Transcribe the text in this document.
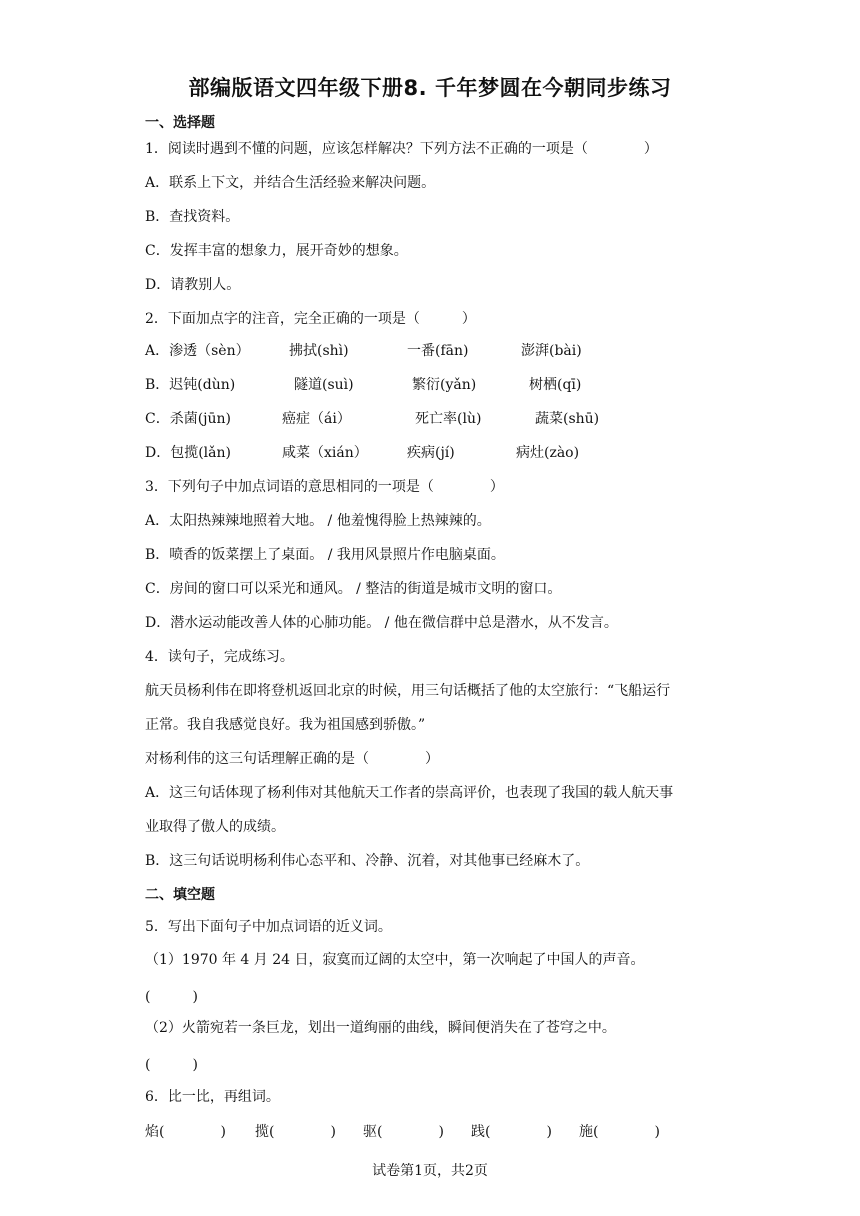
部编版语文四年级下册8. 千年梦圆在今朝同步练习
一、选择题
1．阅读时遇到不懂的问题，应该怎样解决？下列方法不正确的一项是（　　　　）
A．联系上下文，并结合生活经验来解决问题。
B．查找资料。
C．发挥丰富的想象力，展开奇妙的想象。
D．请教别人。
2．下面加点字的注音，完全正确的一项是（　　　）
A．渗透（sèn）	拂拭(shì)	一番(fān)	澎湃(bài)
B．迟钝(dùn)	隧道(suì)	繁衍(yǎn)	树栖(qī)
C．杀菌(jūn)	癌症（ái）	死亡率(lù)	蔬菜(shū)
D．包揽(lǎn)	咸菜（xián）	疾病(jí)	病灶(zào)
3．下列句子中加点词语的意思相同的一项是（　　　　）
A．太阳热辣辣地照着大地。 / 他羞愧得脸上热辣辣的。
B．喷香的饭菜摆上了桌面。 / 我用风景照片作电脑桌面。
C．房间的窗口可以采光和通风。 / 整洁的街道是城市文明的窗口。
D．潜水运动能改善人体的心肺功能。 / 他在微信群中总是潜水，从不发言。
4．读句子，完成练习。
航天员杨利伟在即将登机返回北京的时候，用三句话概括了他的太空旅行：“飞船运行
正常。我自我感觉良好。我为祖国感到骄傲。”
对杨利伟的这三句话理解正确的是（　　　　）
A．这三句话体现了杨利伟对其他航天工作者的崇高评价，也表现了我国的载人航天事
业取得了傲人的成绩。
B．这三句话说明杨利伟心态平和、冷静、沉着，对其他事已经麻木了。
二、填空题
5．写出下面句子中加点词语的近义词。
（1）1970 年 4 月 24 日，寂寞而辽阔的太空中，第一次响起了中国人的声音。
(　　　)
（2）火箭宛若一条巨龙，划出一道绚丽的曲线，瞬间便消失在了苍穹之中。
(　　　)
6．比一比，再组词。
焰(　　　　) 揽(　　　　) 驱(　　　　) 践(　　　　) 施(　　　　)
试卷第1页，共2页
